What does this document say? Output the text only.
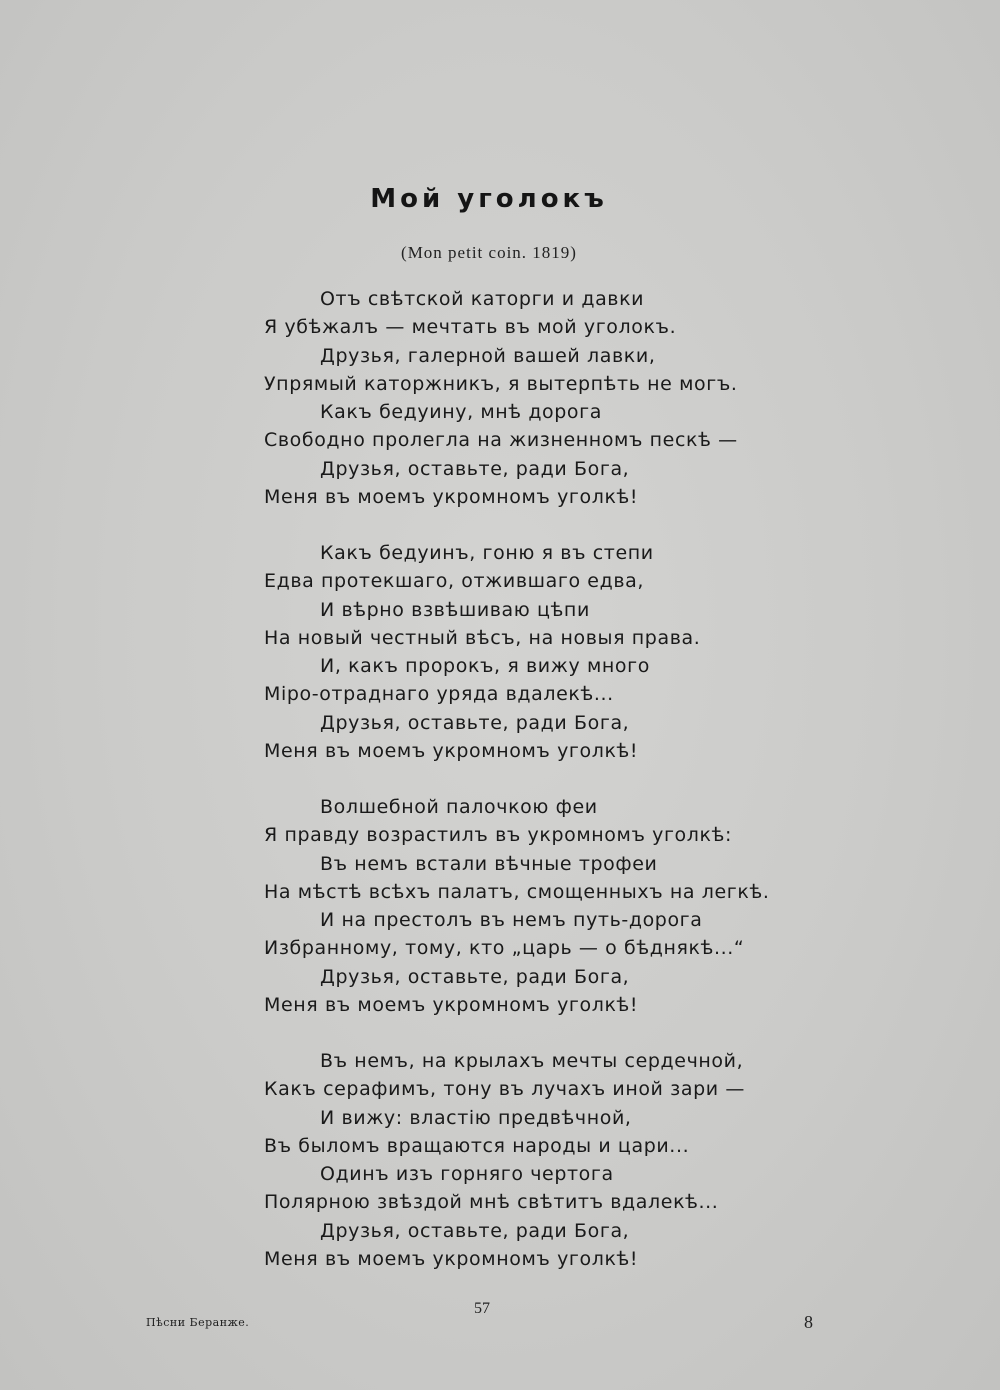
Мой уголокъ
(Mon petit coin. 1819)
Отъ свѣтской каторги и давки
Я убѣжалъ — мечтать въ мой уголокъ.
Друзья, галерной вашей лавки,
Упрямый каторжникъ, я вытерпѣть не могъ.
Какъ бедуину, мнѣ дорога
Свободно пролегла на жизненномъ пескѣ —
Друзья, оставьте, ради Бога,
Меня въ моемъ укромномъ уголкѣ!
Какъ бедуинъ, гоню я въ степи
Едва протекшаго, отжившаго едва,
И вѣрно взвѣшиваю цѣпи
На новый честный вѣсъ, на новыя права.
И, какъ пророкъ, я вижу много
Міро-отраднаго уряда вдалекѣ...
Друзья, оставьте, ради Бога,
Меня въ моемъ укромномъ уголкѣ!
Волшебной палочкою феи
Я правду возрастилъ въ укромномъ уголкѣ:
Въ немъ встали вѣчные трофеи
На мѣстѣ всѣхъ палатъ, смощенныхъ на легкѣ.
И на престолъ въ немъ путь-дорога
Избранному, тому, кто „царь — о бѣднякѣ...“
Друзья, оставьте, ради Бога,
Меня въ моемъ укромномъ уголкѣ!
Въ немъ, на крылахъ мечты сердечной,
Какъ серафимъ, тону въ лучахъ иной зари —
И вижу: властію предвѣчной,
Въ быломъ вращаются народы и цари...
Одинъ изъ горняго чертога
Полярною звѣздой мнѣ свѣтитъ вдалекѣ...
Друзья, оставьте, ради Бога,
Меня въ моемъ укромномъ уголкѣ!
57
Пѣсни Беранже.	8
